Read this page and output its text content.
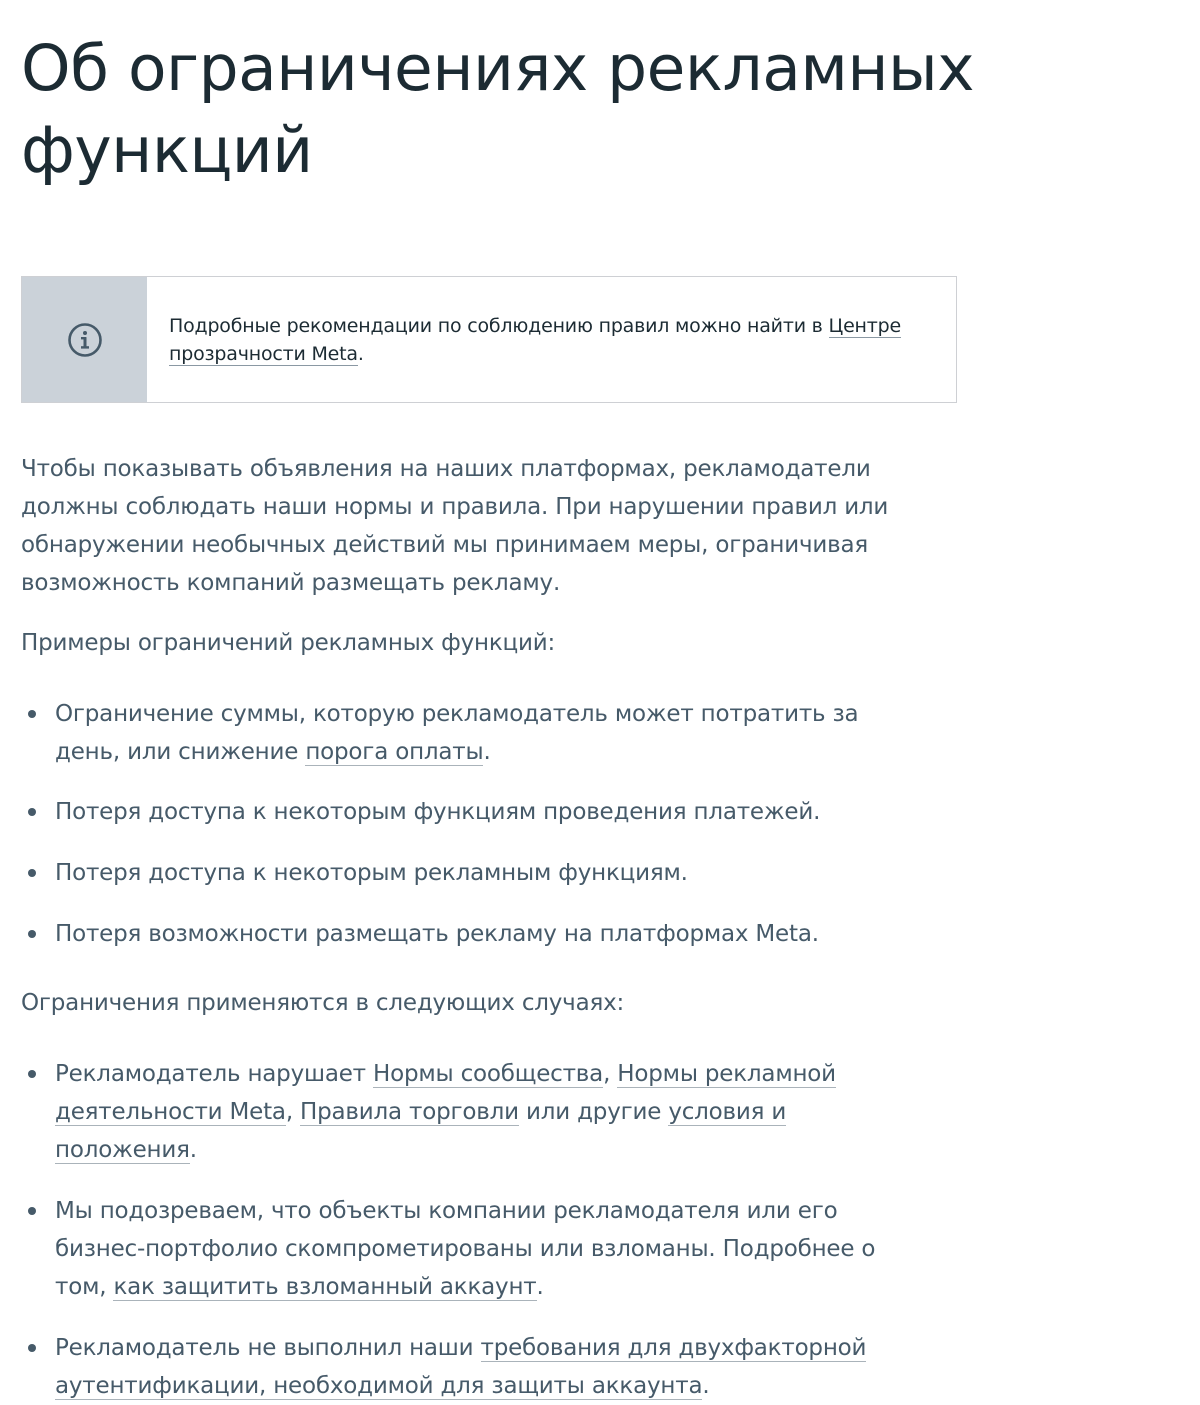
Об ограничениях рекламных функций
Подробные рекомендации по соблюдению правил можно найти в Центре прозрачности Meta.

Чтобы показывать объявления на наших платформах, рекламодатели должны соблюдать наши нормы и правила. При нарушении правил или обнаружении необычных действий мы принимаем меры, ограничивая возможность компаний размещать рекламу.

Примеры ограничений рекламных функций:

Ограничение суммы, которую рекламодатель может потратить за день, или снижение порога оплаты.
Потеря доступа к некоторым функциям проведения платежей.
Потеря доступа к некоторым рекламным функциям.
Потеря возможности размещать рекламу на платформах Meta.

Ограничения применяются в следующих случаях:

Рекламодатель нарушает Нормы сообщества, Нормы рекламной деятельности Meta, Правила торговли или другие условия и положения.
Мы подозреваем, что объекты компании рекламодателя или его бизнес-портфолио скомпрометированы или взломаны. Подробнее о том, как защитить взломанный аккаунт.
Рекламодатель не выполнил наши требования для двухфакторной аутентификации, необходимой для защиты аккаунта.
